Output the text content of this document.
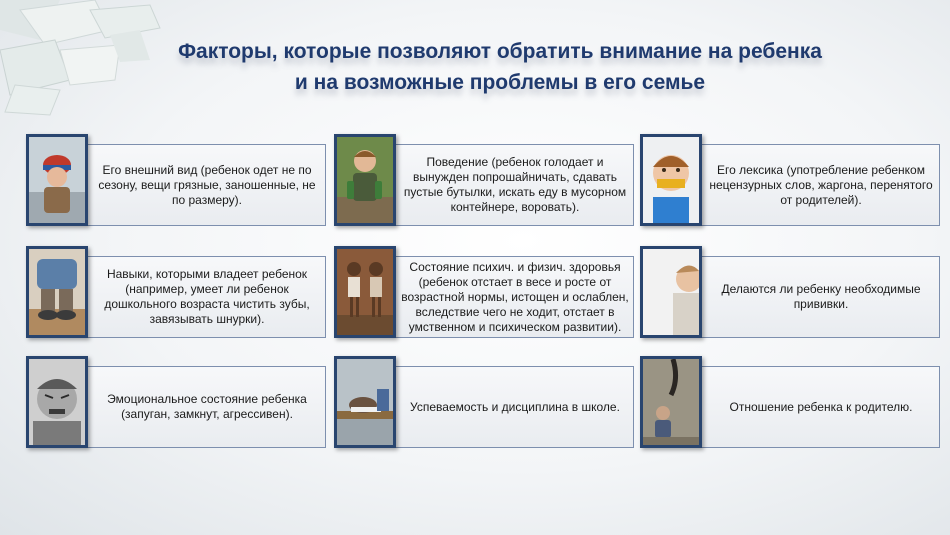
Факторы, которые позволяют обратить внимание на ребенка
и на возможные проблемы в его семье
Его внешний вид (ребенок одет не по сезону, вещи грязные, заношенные, не по размеру).
Поведение (ребенок голодает и вынужден попрошайничать, сдавать пустые бутылки, искать еду в мусорном контейнере, воровать).
Его лексика (употребление ребенком нецензурных слов, жаргона, перенятого от родителей).
Навыки, которыми владеет ребенок (например, умеет ли ребенок дошкольного возраста чистить зубы, завязывать шнурки).
Состояние психич. и физич. здоровья (ребенок отстает в весе и росте от возрастной нормы, истощен и ослаблен, вследствие чего не ходит, отстает в умственном и психическом развитии).
Делаются ли ребенку необходимые прививки.
Эмоциональное состояние ребенка (запуган, замкнут, агрессивен).
Успеваемость и дисциплина в школе.	Отношение ребенка к родителю.
